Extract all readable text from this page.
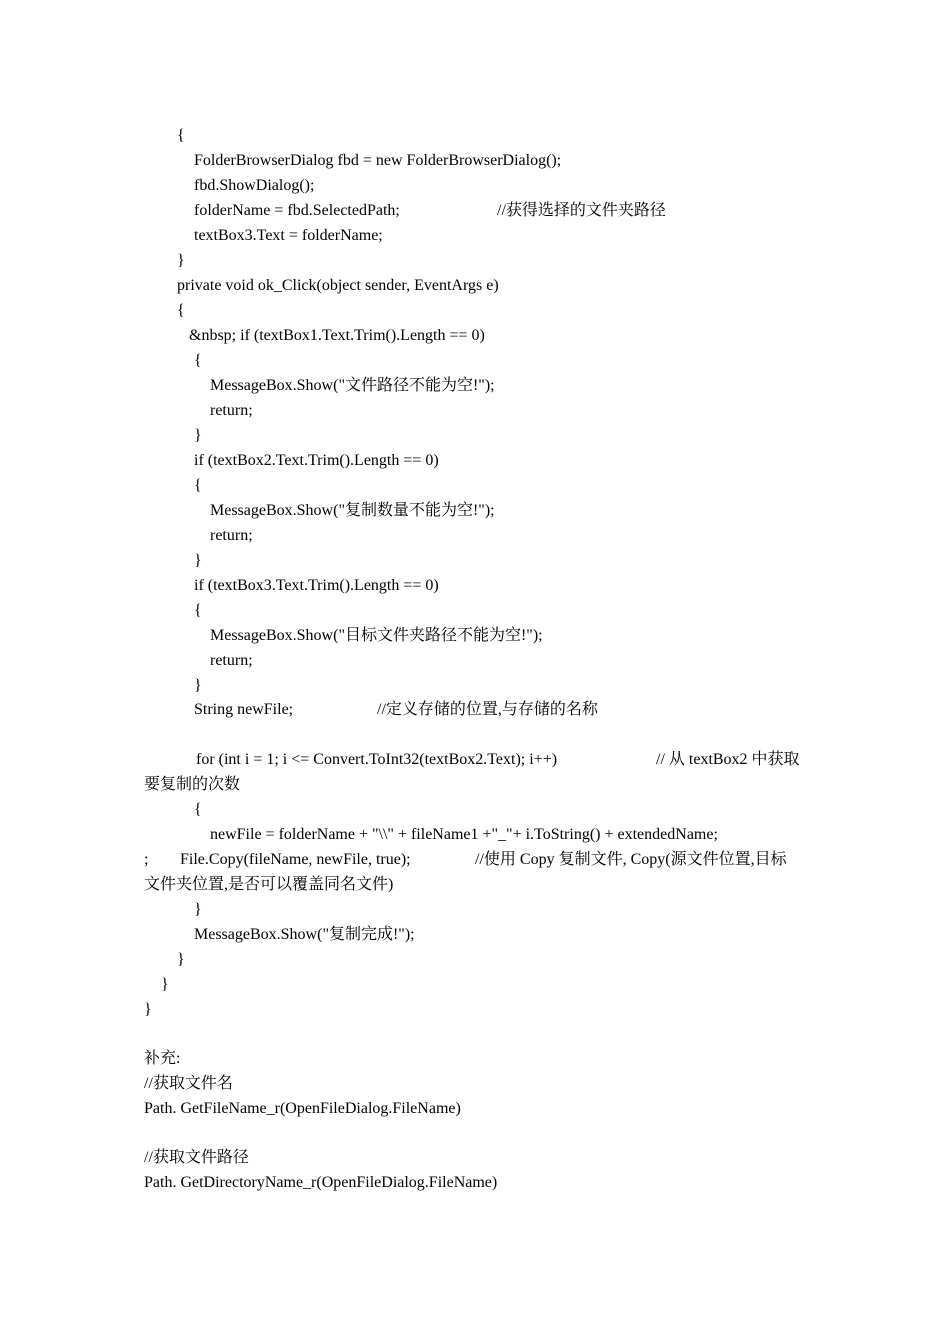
{
FolderBrowserDialog fbd = new FolderBrowserDialog();
fbd.ShowDialog();
folderName = fbd.SelectedPath;	//获得选择的文件夹路径
textBox3.Text = folderName;
}
private void ok_Click(object sender, EventArgs e)
{
&nbsp; if (textBox1.Text.Trim().Length == 0)
{
MessageBox.Show("文件路径不能为空!");
return;
}
if (textBox2.Text.Trim().Length == 0)
{
MessageBox.Show("复制数量不能为空!");
return;
}
if (textBox3.Text.Trim().Length == 0)
{
MessageBox.Show("目标文件夹路径不能为空!");
return;
}
String newFile;	//定义存储的位置,与存储的名称
for (int i = 1; i <= Convert.ToInt32(textBox2.Text); i++)	// 从 textBox2 中获取
要复制的次数
{
newFile = folderName + "\\" + fileName1 +"_"+ i.ToString() + extendedName;
; File.Copy(fileName, newFile, true);	//使用 Copy 复制文件, Copy(源文件位置,目标
文件夹位置,是否可以覆盖同名文件)
}
MessageBox.Show("复制完成!");
}
}
}
补充:
//获取文件名
Path. GetFileName_r(OpenFileDialog.FileName)
//获取文件路径
Path. GetDirectoryName_r(OpenFileDialog.FileName)
